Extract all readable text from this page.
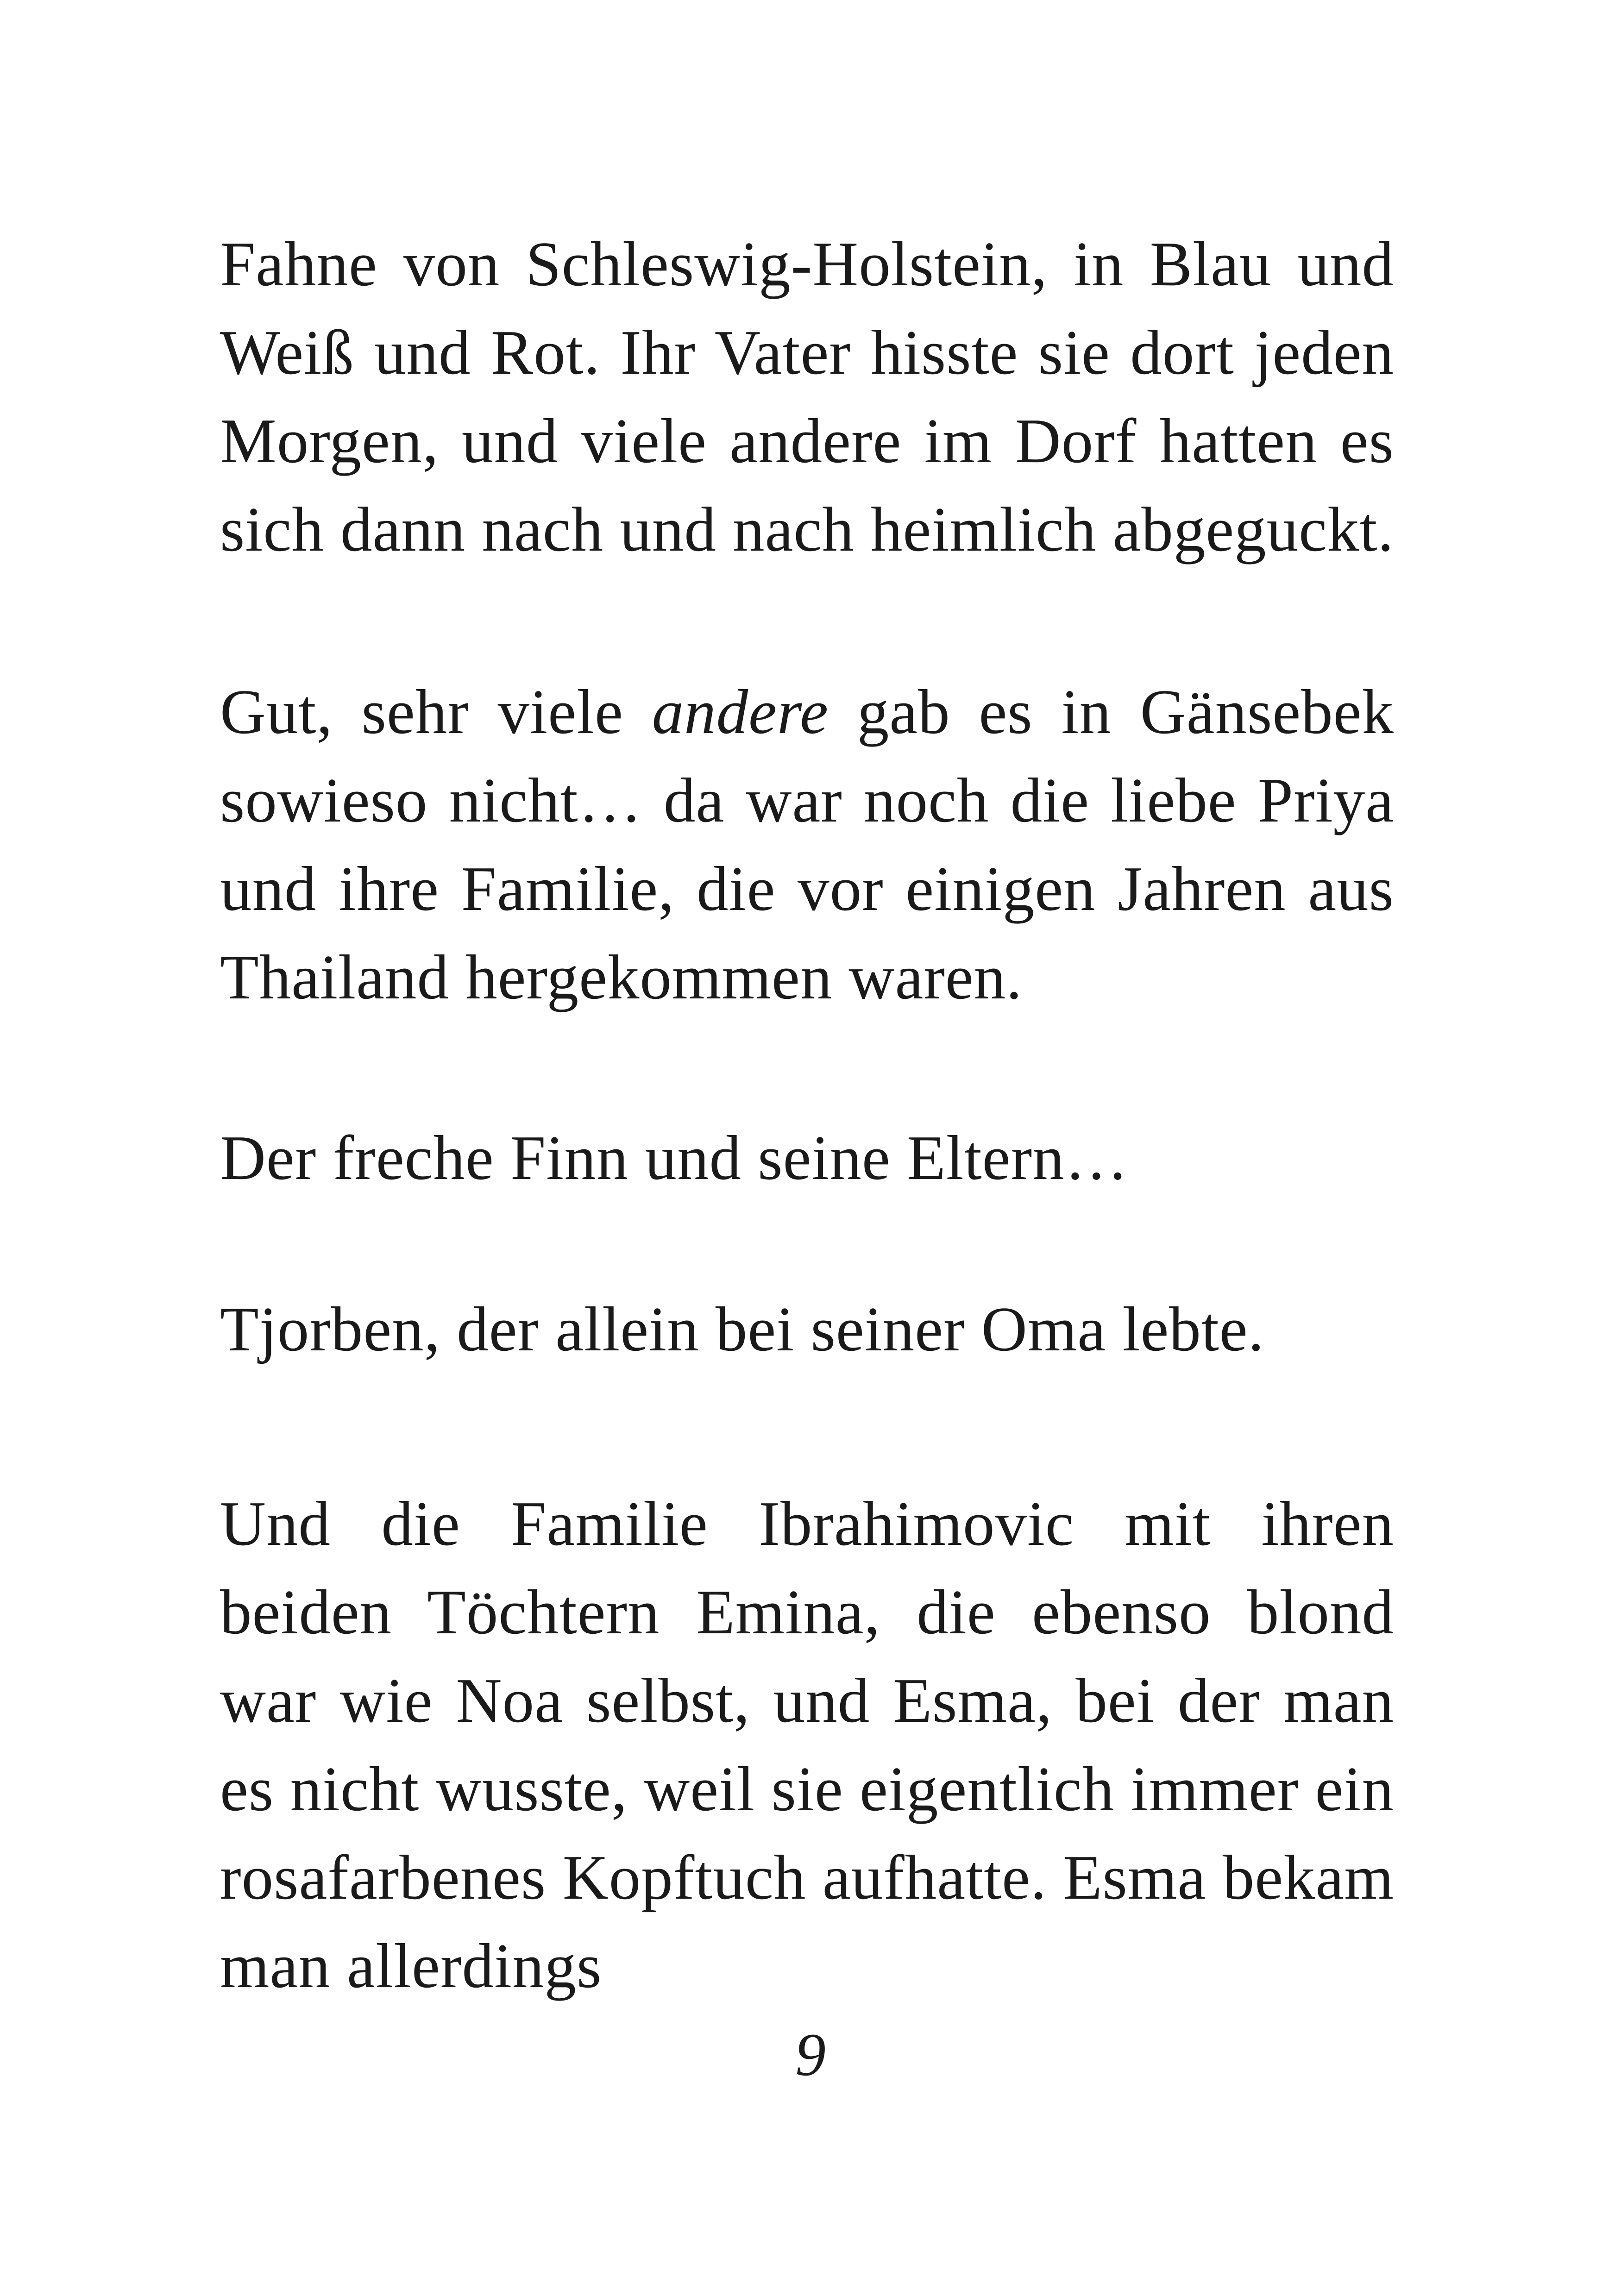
Fahne von Schleswig-Holstein, in Blau und Weiß und Rot. Ihr Vater hisste sie dort jeden Morgen, und viele andere im Dorf hatten es sich dann nach und nach heimlich abgeguckt.

Gut, sehr viele andere gab es in Gänsebek sowieso nicht… da war noch die liebe Priya und ihre Familie, die vor einigen Jahren aus Thailand hergekommen waren.

Der freche Finn und seine Eltern…

Tjorben, der allein bei seiner Oma lebte.

Und die Familie Ibrahimovic mit ihren beiden Töchtern Emina, die ebenso blond war wie Noa selbst, und Esma, bei der man es nicht wusste, weil sie eigentlich immer ein rosafarbenes Kopftuch aufhatte. Esma bekam man allerdings

9
